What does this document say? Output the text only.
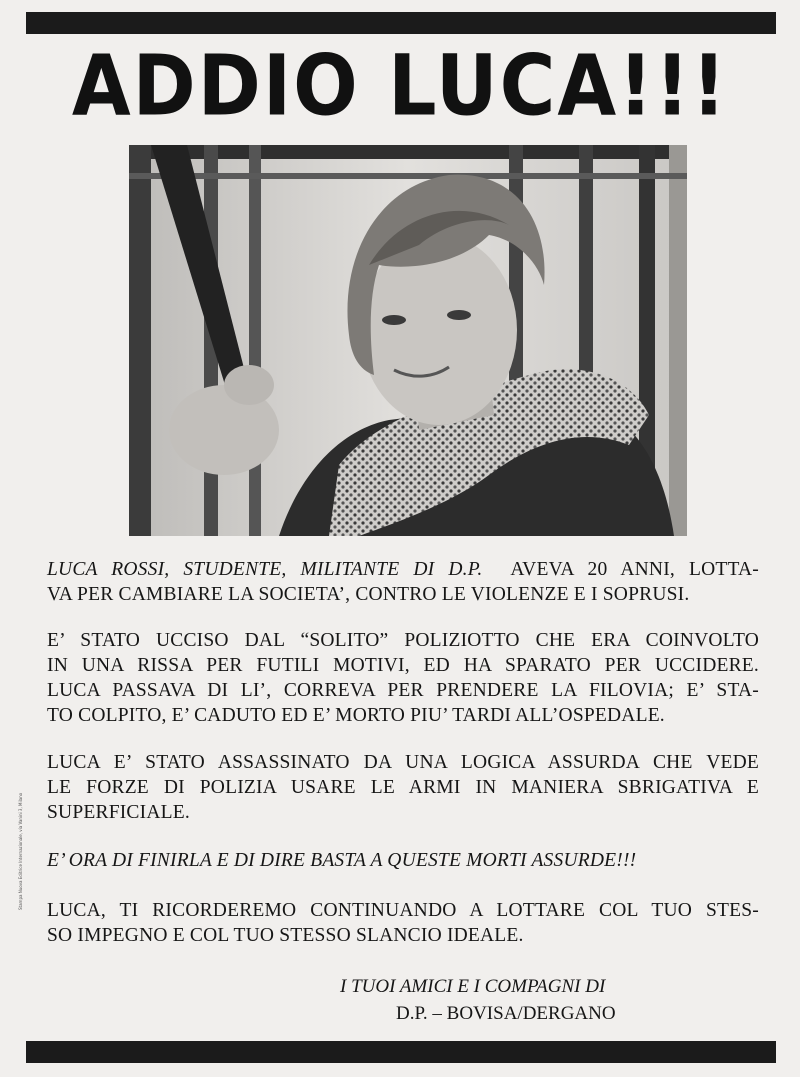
ADDIO LUCA!!!

LUCA ROSSI, STUDENTE, MILITANTE DI D.P. AVEVA 20 ANNI, LOTTA-

VA PER CAMBIARE LA SOCIETA’, CONTRO LE VIOLENZE E I SOPRUSI.

E’ STATO UCCISO DAL “SOLITO” POLIZIOTTO CHE ERA COINVOLTO

IN UNA RISSA PER FUTILI MOTIVI, ED HA SPARATO PER UCCIDERE.

LUCA PASSAVA DI LI’, CORREVA PER PRENDERE LA FILOVIA; E’ STA-

TO COLPITO, E’ CADUTO ED E’ MORTO PIU’ TARDI ALL’OSPEDALE.

LUCA E’ STATO ASSASSINATO DA UNA LOGICA ASSURDA CHE VEDE

LE FORZE DI POLIZIA USARE LE ARMI IN MANIERA SBRIGATIVA E

SUPERFICIALE.

E’ ORA DI FINIRLA E DI DIRE BASTA A QUESTE MORTI ASSURDE!!!

LUCA, TI RICORDEREMO CONTINUANDO A LOTTARE COL TUO STES-

SO IMPEGNO E COL TUO STESSO SLANCIO IDEALE.

I TUOI AMICI E I COMPAGNI DI
D.P. – BOVISA/DERGANO
Stampa Nuova Editrice Internazionale, via Vanini 3, Milano
